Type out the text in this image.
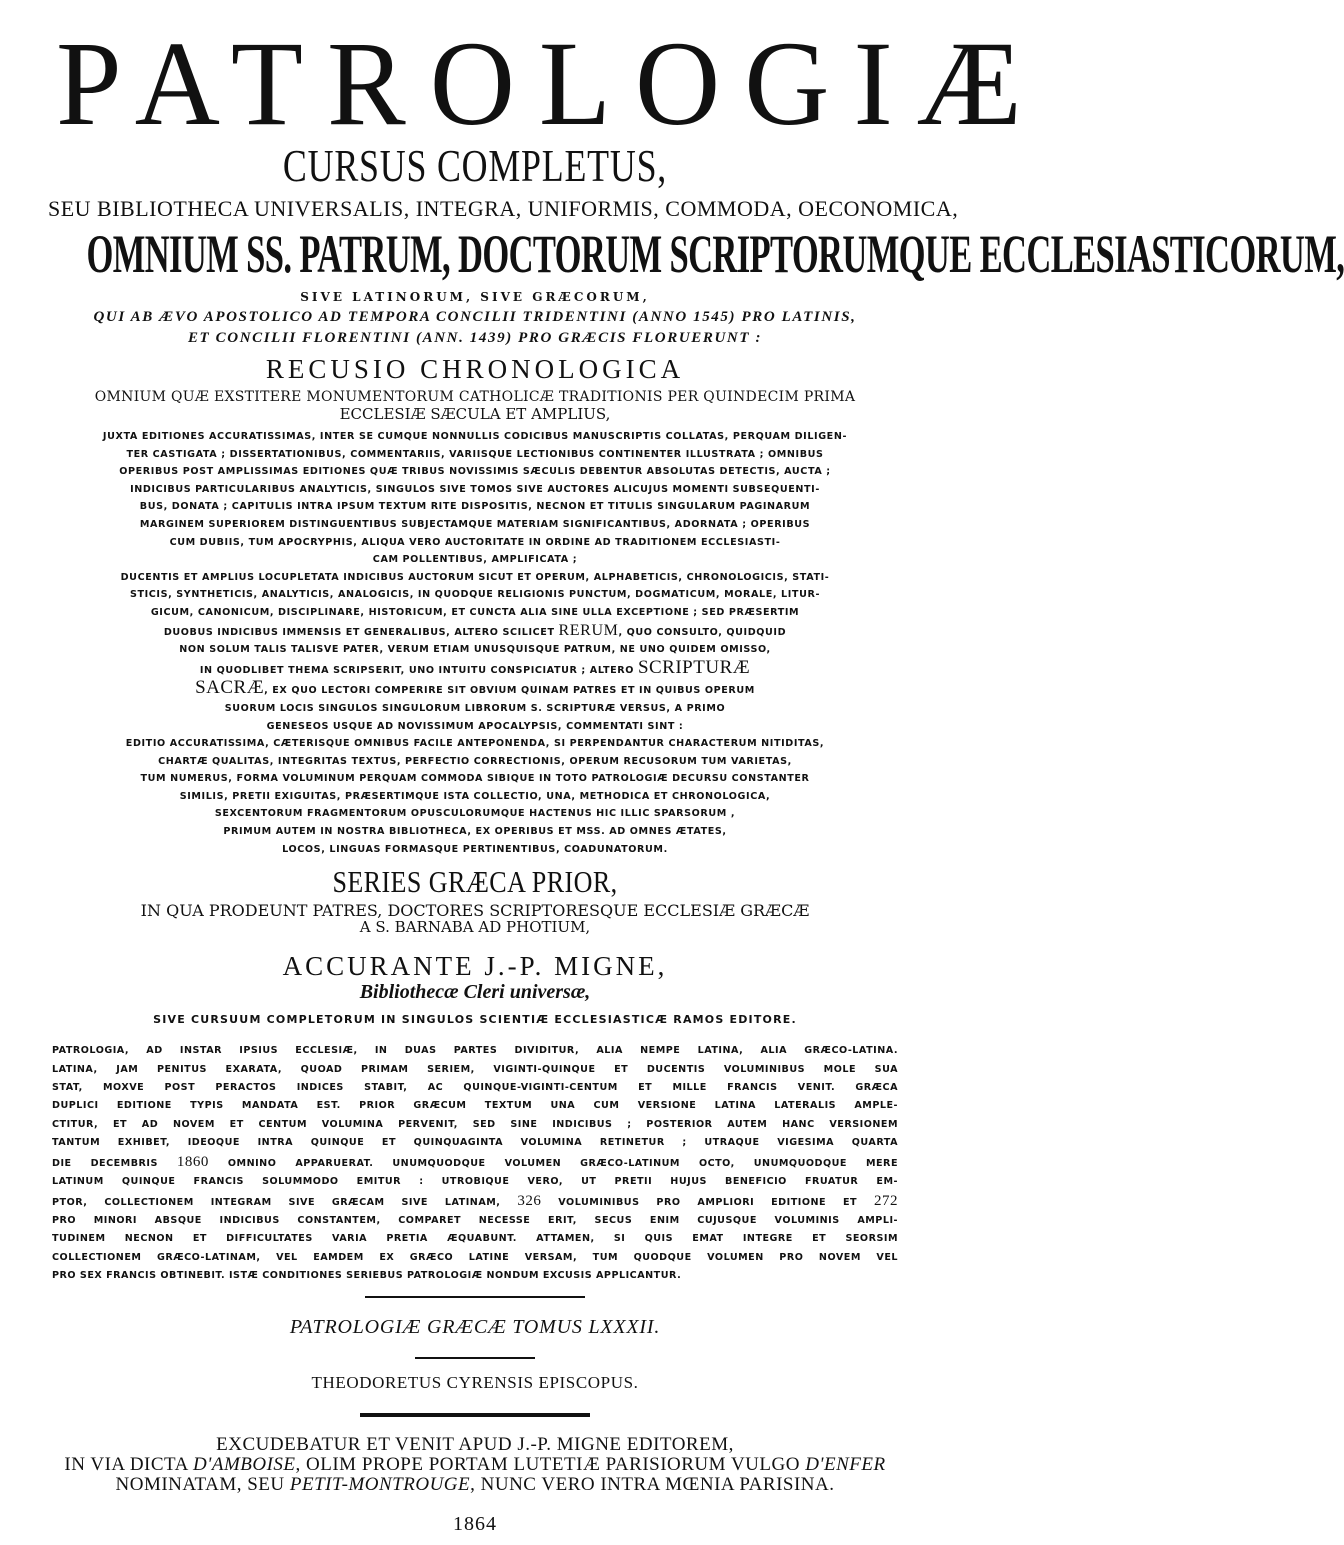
PATROLOGIÆ
CURSUS COMPLETUS,
SEU BIBLIOTHECA UNIVERSALIS, INTEGRA, UNIFORMIS, COMMODA, OECONOMICA,
OMNIUM SS. PATRUM, DOCTORUM SCRIPTORUMQUE ECCLESIASTICORUM,
SIVE LATINORUM, SIVE GRÆCORUM,
QUI AB ÆVO APOSTOLICO AD TEMPORA CONCILII TRIDENTINI (ANNO 1545) PRO LATINIS,
ET CONCILII FLORENTINI (ANN. 1439) PRO GRÆCIS FLORUERUNT :
RECUSIO CHRONOLOGICA
OMNIUM QUÆ EXSTITERE MONUMENTORUM CATHOLICÆ TRADITIONIS PER QUINDECIM PRIMA
ECCLESIÆ SÆCULA ET AMPLIUS,
JUXTA EDITIONES ACCURATISSIMAS, INTER SE CUMQUE NONNULLIS CODICIBUS MANUSCRIPTIS COLLATAS, PERQUAM DILIGEN-
TER CASTIGATA ; DISSERTATIONIBUS, COMMENTARIIS, VARIISQUE LECTIONIBUS CONTINENTER ILLUSTRATA ; OMNIBUS
OPERIBUS POST AMPLISSIMAS EDITIONES QUÆ TRIBUS NOVISSIMIS SÆCULIS DEBENTUR ABSOLUTAS DETECTIS, AUCTA ;
INDICIBUS PARTICULARIBUS ANALYTICIS, SINGULOS SIVE TOMOS SIVE AUCTORES ALICUJUS MOMENTI SUBSEQUENTI-
BUS, DONATA ; CAPITULIS INTRA IPSUM TEXTUM RITE DISPOSITIS, NECNON ET TITULIS SINGULARUM PAGINARUM
MARGINEM SUPERIOREM DISTINGUENTIBUS SUBJECTAMQUE MATERIAM SIGNIFICANTIBUS, ADORNATA ; OPERIBUS
CUM DUBIIS, TUM APOCRYPHIS, ALIQUA VERO AUCTORITATE IN ORDINE AD TRADITIONEM ECCLESIASTI-
CAM POLLENTIBUS, AMPLIFICATA ;
DUCENTIS ET AMPLIUS LOCUPLETATA INDICIBUS AUCTORUM SICUT ET OPERUM, ALPHABETICIS, CHRONOLOGICIS, STATI-
STICIS, SYNTHETICIS, ANALYTICIS, ANALOGICIS, IN QUODQUE RELIGIONIS PUNCTUM, DOGMATICUM, MORALE, LITUR-
GICUM, CANONICUM, DISCIPLINARE, HISTORICUM, ET CUNCTA ALIA SINE ULLA EXCEPTIONE ; SED PRÆSERTIM
DUOBUS INDICIBUS IMMENSIS ET GENERALIBUS, ALTERO SCILICET RERUM, QUO CONSULTO, QUIDQUID
NON SOLUM TALIS TALISVE PATER, VERUM ETIAM UNUSQUISQUE PATRUM, NE UNO QUIDEM OMISSO,
IN QUODLIBET THEMA SCRIPSERIT, UNO INTUITU CONSPICIATUR ; ALTERO SCRIPTURÆ
SACRÆ, EX QUO LECTORI COMPERIRE SIT OBVIUM QUINAM PATRES ET IN QUIBUS OPERUM
SUORUM LOCIS SINGULOS SINGULORUM LIBRORUM S. SCRIPTURÆ VERSUS, A PRIMO
GENESEOS USQUE AD NOVISSIMUM APOCALYPSIS, COMMENTATI SINT :
EDITIO ACCURATISSIMA, CÆTERISQUE OMNIBUS FACILE ANTEPONENDA, SI PERPENDANTUR CHARACTERUM NITIDITAS,
CHARTÆ QUALITAS, INTEGRITAS TEXTUS, PERFECTIO CORRECTIONIS, OPERUM RECUSORUM TUM VARIETAS,
TUM NUMERUS, FORMA VOLUMINUM PERQUAM COMMODA SIBIQUE IN TOTO PATROLOGIÆ DECURSU CONSTANTER
SIMILIS, PRETII EXIGUITAS, PRÆSERTIMQUE ISTA COLLECTIO, UNA, METHODICA ET CHRONOLOGICA,
SEXCENTORUM FRAGMENTORUM OPUSCULORUMQUE HACTENUS HIC ILLIC SPARSORUM ,
PRIMUM AUTEM IN NOSTRA BIBLIOTHECA, EX OPERIBUS ET MSS. AD OMNES ÆTATES,
LOCOS, LINGUAS FORMASQUE PERTINENTIBUS, COADUNATORUM.
SERIES GRÆCA PRIOR,
IN QUA PRODEUNT PATRES, DOCTORES SCRIPTORESQUE ECCLESIÆ GRÆCÆ
A S. BARNABA AD PHOTIUM,
ACCURANTE J.-P. MIGNE,
Bibliothecæ Cleri universæ,
SIVE CURSUUM COMPLETORUM IN SINGULOS SCIENTIÆ ECCLESIASTICÆ RAMOS EDITORE.
PATROLOGIA, AD INSTAR IPSIUS ECCLESIÆ, IN DUAS PARTES DIVIDITUR, ALIA NEMPE LATINA, ALIA GRÆCO-LATINA.
LATINA, JAM PENITUS EXARATA, QUOAD PRIMAM SERIEM, VIGINTI-QUINQUE ET DUCENTIS VOLUMINIBUS MOLE SUA
STAT, MOXVE POST PERACTOS INDICES STABIT, AC QUINQUE-VIGINTI-CENTUM ET MILLE FRANCIS VENIT. GRÆCA
DUPLICI EDITIONE TYPIS MANDATA EST. PRIOR GRÆCUM TEXTUM UNA CUM VERSIONE LATINA LATERALIS AMPLE-
CTITUR, ET AD NOVEM ET CENTUM VOLUMINA PERVENIT, SED SINE INDICIBUS ; POSTERIOR AUTEM HANC VERSIONEM
TANTUM EXHIBET, IDEOQUE INTRA QUINQUE ET QUINQUAGINTA VOLUMINA RETINETUR ; UTRAQUE VIGESIMA QUARTA
DIE DECEMBRIS 1860 OMNINO APPARUERAT. UNUMQUODQUE VOLUMEN GRÆCO-LATINUM OCTO, UNUMQUODQUE MERE
LATINUM QUINQUE FRANCIS SOLUMMODO EMITUR : UTROBIQUE VERO, UT PRETII HUJUS BENEFICIO FRUATUR EM-
PTOR, COLLECTIONEM INTEGRAM SIVE GRÆCAM SIVE LATINAM, 326 VOLUMINIBUS PRO AMPLIORI EDITIONE ET 272
PRO MINORI ABSQUE INDICIBUS CONSTANTEM, COMPARET NECESSE ERIT, SECUS ENIM CUJUSQUE VOLUMINIS AMPLI-
TUDINEM NECNON ET DIFFICULTATES VARIA PRETIA ÆQUABUNT. ATTAMEN, SI QUIS EMAT INTEGRE ET SEORSIM
COLLECTIONEM GRÆCO-LATINAM, VEL EAMDEM EX GRÆCO LATINE VERSAM, TUM QUODQUE VOLUMEN PRO NOVEM VEL
PRO SEX FRANCIS OBTINEBIT. ISTÆ CONDITIONES SERIEBUS PATROLOGIÆ NONDUM EXCUSIS APPLICANTUR.
PATROLOGIÆ GRÆCÆ TOMUS LXXXII.
THEODORETUS CYRENSIS EPISCOPUS.
EXCUDEBATUR ET VENIT APUD J.-P. MIGNE EDITOREM,
IN VIA DICTA D'AMBOISE, OLIM PROPE PORTAM LUTETIÆ PARISIORUM VULGO D'ENFER
NOMINATAM, SEU PETIT-MONTROUGE, NUNC VERO INTRA MŒNIA PARISINA.
1864
